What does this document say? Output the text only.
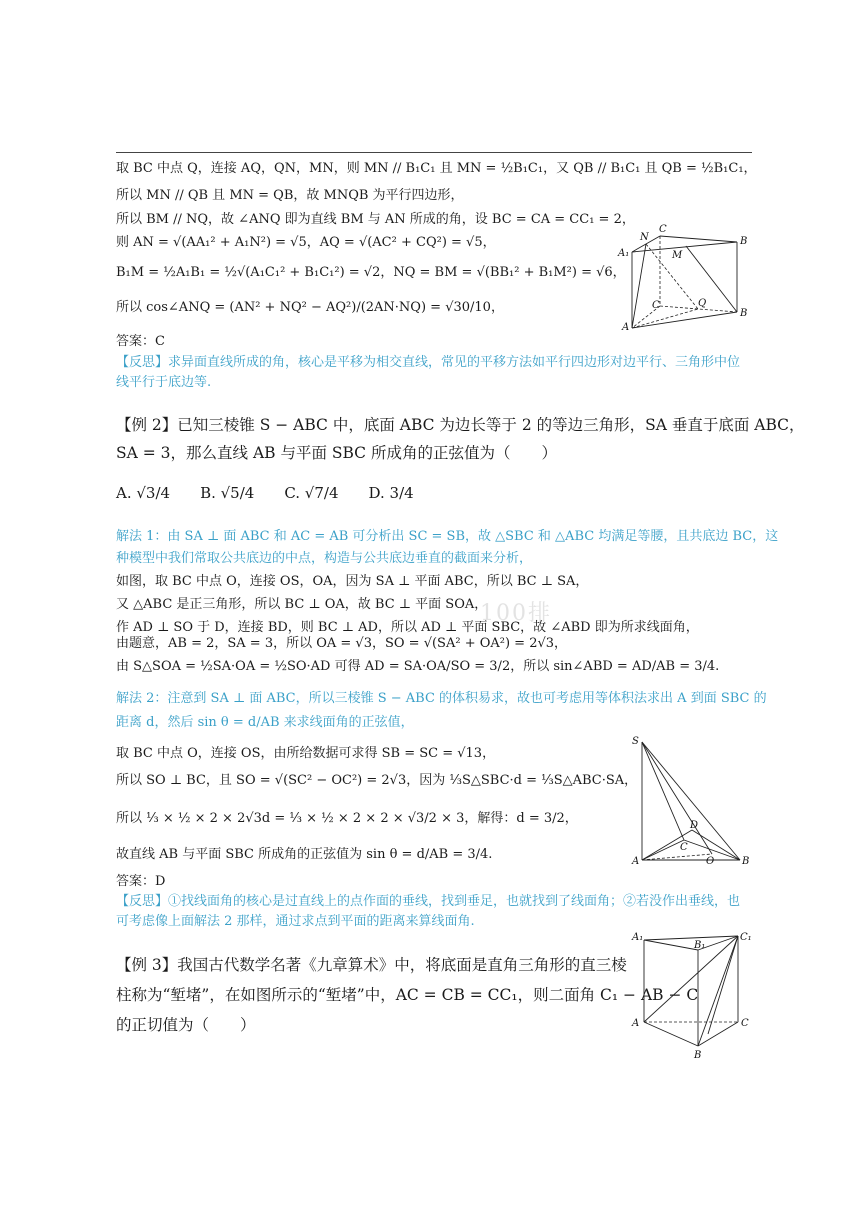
取 BC 中点 Q，连接 AQ，QN，MN，则 MN // B₁C₁ 且 MN = ½B₁C₁，又 QB // B₁C₁ 且 QB = ½B₁C₁，
所以 MN // QB 且 MN = QB，故 MNQB 为平行四边形，
所以 BM // NQ，故 ∠ANQ 即为直线 BM 与 AN 所成的角，设 BC = CA = CC₁ = 2，
则 AN = √(AA₁² + A₁N²) = √5，AQ = √(AC² + CQ²) = √5，
B₁M = ½A₁B₁ = ½√(A₁C₁² + B₁C₁²) = √2，NQ = BM = √(BB₁² + B₁M²) = √6，
所以 cos∠ANQ = (AN² + NQ² − AQ²)/(2AN·NQ) = √30/10，
答案：C
【反思】求异面直线所成的角，核心是平移为相交直线，常见的平移方法如平行四边形对边平行、三角形中位
线平行于底边等.
A₁
N
C
B
M
C	Q
A
B
【例 2】已知三棱锥 S − ABC 中，底面 ABC 为边长等于 2 的等边三角形，SA 垂直于底面 ABC，
SA = 3，那么直线 AB 与平面 SBC 所成角的正弦值为（　　）
A. √3/4　　B. √5/4　　C. √7/4　　D. 3/4
解法 1：由 SA ⊥ 面 ABC 和 AC = AB 可分析出 SC = SB，故 △SBC 和 △ABC 均满足等腰，且共底边 BC，这
种模型中我们常取公共底边的中点，构造与公共底边垂直的截面来分析，
如图，取 BC 中点 O，连接 OS，OA，因为 SA ⊥ 平面 ABC，所以 BC ⊥ SA，
又 △ABC 是正三角形，所以 BC ⊥ OA，故 BC ⊥ 平面 SOA，
作 AD ⊥ SO 于 D，连接 BD，则 BC ⊥ AD，所以 AD ⊥ 平面 SBC，故 ∠ABD 即为所求线面角，
由题意，AB = 2，SA = 3，所以 OA = √3，SO = √(SA² + OA²) = 2√3，
由 S△SOA = ½SA·OA = ½SO·AD 可得 AD = SA·OA/SO = 3/2，所以 sin∠ABD = AD/AB = 3/4.
解法 2：注意到 SA ⊥ 面 ABC，所以三棱锥 S − ABC 的体积易求，故也可考虑用等体积法求出 A 到面 SBC 的
距离 d，然后 sin θ = d/AB 来求线面角的正弦值，
取 BC 中点 O，连接 OS，由所给数据可求得 SB = SC = √13，
所以 SO ⊥ BC，且 SO = √(SC² − OC²) = 2√3，因为 ⅓S△SBC·d = ⅓S△ABC·SA，
所以 ⅓ × ½ × 2 × 2√3d = ⅓ × ½ × 2 × 2 × √3/2 × 3，解得：d = 3/2，
故直线 AB 与平面 SBC 所成角的正弦值为 sin θ = d/AB = 3/4.
答案：D
【反思】①找线面角的核心是过直线上的点作面的垂线，找到垂足，也就找到了线面角；②若没作出垂线，也
可考虑像上面解法 2 那样，通过求点到平面的距离来算线面角.
S
D
C
O
A	B
【例 3】我国古代数学名著《九章算术》中，将底面是直角三角形的直三棱
柱称为“堑堵”，在如图所示的“堑堵”中，AC = CB = CC₁，则二面角 C₁ − AB − C
的正切值为（　　）
A₁
B₁
C₁
A	C
B
100排
